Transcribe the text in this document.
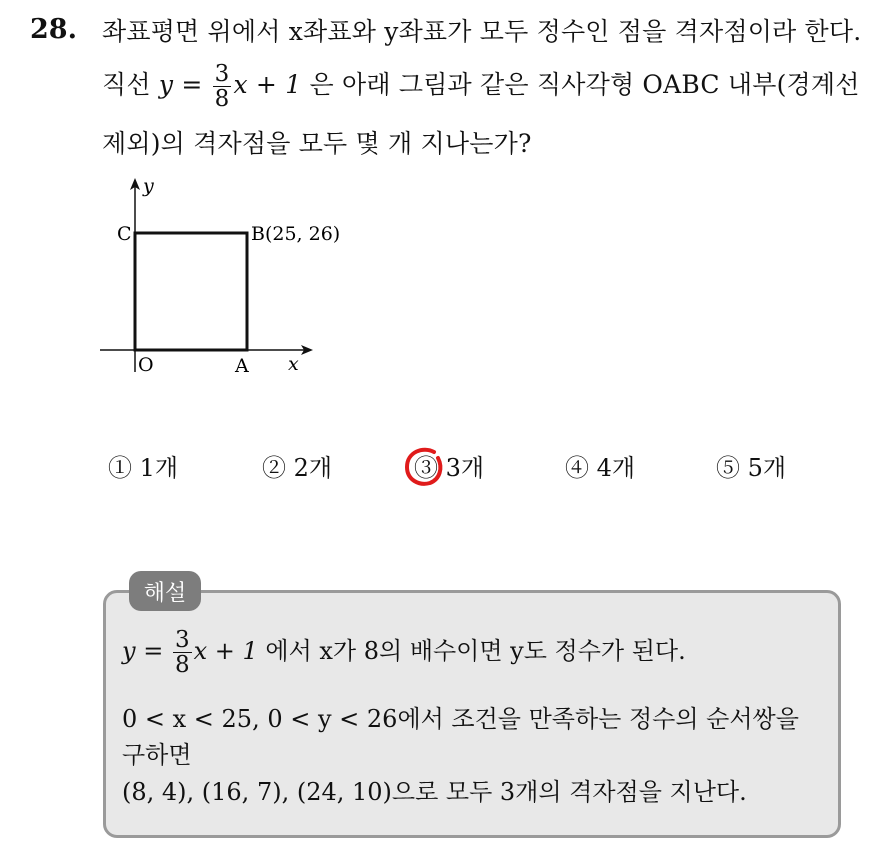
28. 좌표평면 위에서 x좌표와 y좌표가 모두 정수인 점을 격자점이라 한다.
직선 $y = \frac{3}{8}$ x + 1 은 아래 그림과 같은 직사각형 OABC 내부(경계선
제외)의 격자점을 모두 몇 개 지나는가?
y
x
C	B(25, 26)
O	A
① 1개	② 2개	③ 3개	④ 4개	⑤ 5개
해설
$y = \frac{3}{8}$ x + 1 에서 x가 8의 배수이면 y도 정수가 된다.
0 < x < 25, 0 < y < 26에서 조건을 만족하는 정수의 순서쌍을
구하면
(8, 4), (16, 7), (24, 10)으로 모두 3개의 격자점을 지난다.
